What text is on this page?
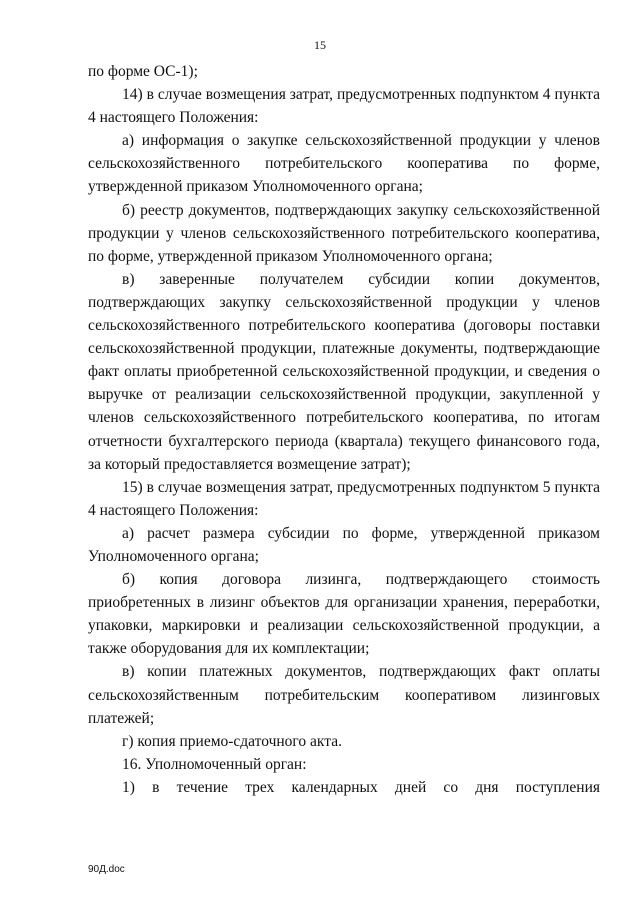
15

по форме ОС-1);

14) в случае возмещения затрат, предусмотренных подпунктом 4 пункта 4 настоящего Положения:

а) информация о закупке сельскохозяйственной продукции у членов сельскохозяйственного потребительского кооператива по форме, утвержденной приказом Уполномоченного органа;

б) реестр документов, подтверждающих закупку сельскохозяйственной продукции у членов сельскохозяйственного потребительского кооператива, по форме, утвержденной приказом Уполномоченного органа;

в) заверенные получателем субсидии копии документов, подтверждающих закупку сельскохозяйственной продукции у членов сельскохозяйственного потребительского кооператива (договоры поставки сельскохозяйственной продукции, платежные документы, подтверждающие факт оплаты приобретенной сельскохозяйственной продукции, и сведения о выручке от реализации сельскохозяйственной продукции, закупленной у членов сельскохозяйственного потребительского кооператива, по итогам отчетности бухгалтерского периода (квартала) текущего финансового года, за который предоставляется возмещение затрат);

15) в случае возмещения затрат, предусмотренных подпунктом 5 пункта 4 настоящего Положения:

а) расчет размера субсидии по форме, утвержденной приказом Уполномоченного органа;

б) копия договора лизинга, подтверждающего стоимость приобретенных в лизинг объектов для организации хранения, переработки, упаковки, маркировки и реализации сельскохозяйственной продукции, а также оборудования для их комплектации;

в) копии платежных документов, подтверждающих факт оплаты сельскохозяйственным потребительским кооперативом лизинговых платежей;

г) копия приемо-сдаточного акта.

16. Уполномоченный орган:

1) в течение трех календарных дней со дня поступления

90Д.doc
